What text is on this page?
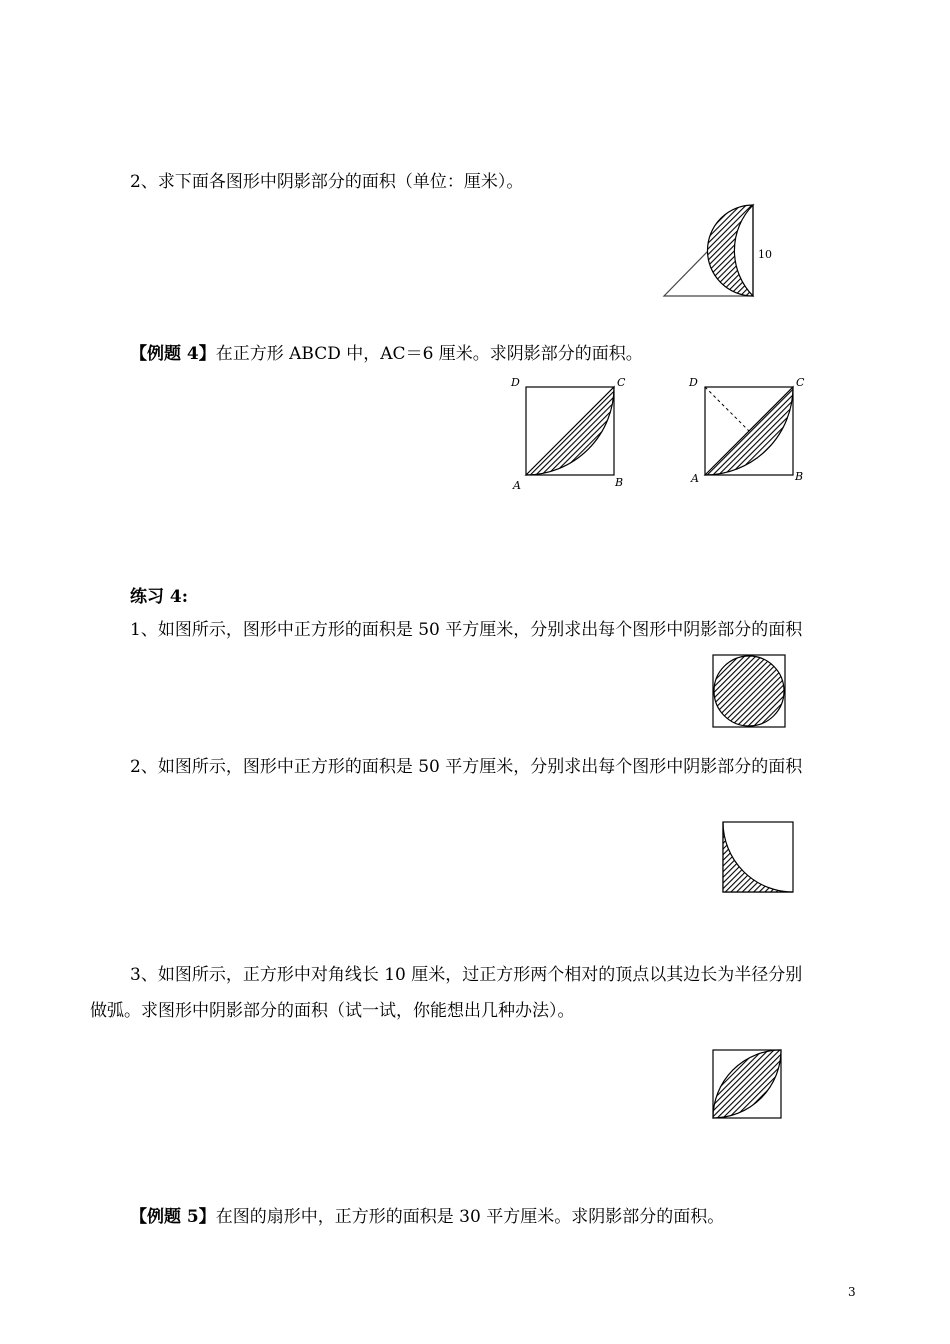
2、求下面各图形中阴影部分的面积（单位：厘米）。
10
【例题 4】在正方形 ABCD 中，AC＝6 厘米。求阴影部分的面积。
D	C
A	B
D	C
A	B
练习 4:
1、如图所示，图形中正方形的面积是 50 平方厘米，分别求出每个图形中阴影部分的面积
2、如图所示，图形中正方形的面积是 50 平方厘米，分别求出每个图形中阴影部分的面积
3、如图所示，正方形中对角线长 10 厘米，过正方形两个相对的顶点以其边长为半径分别
做弧。求图形中阴影部分的面积（试一试，你能想出几种办法）。
【例题 5】在图的扇形中，正方形的面积是 30 平方厘米。求阴影部分的面积。
3
